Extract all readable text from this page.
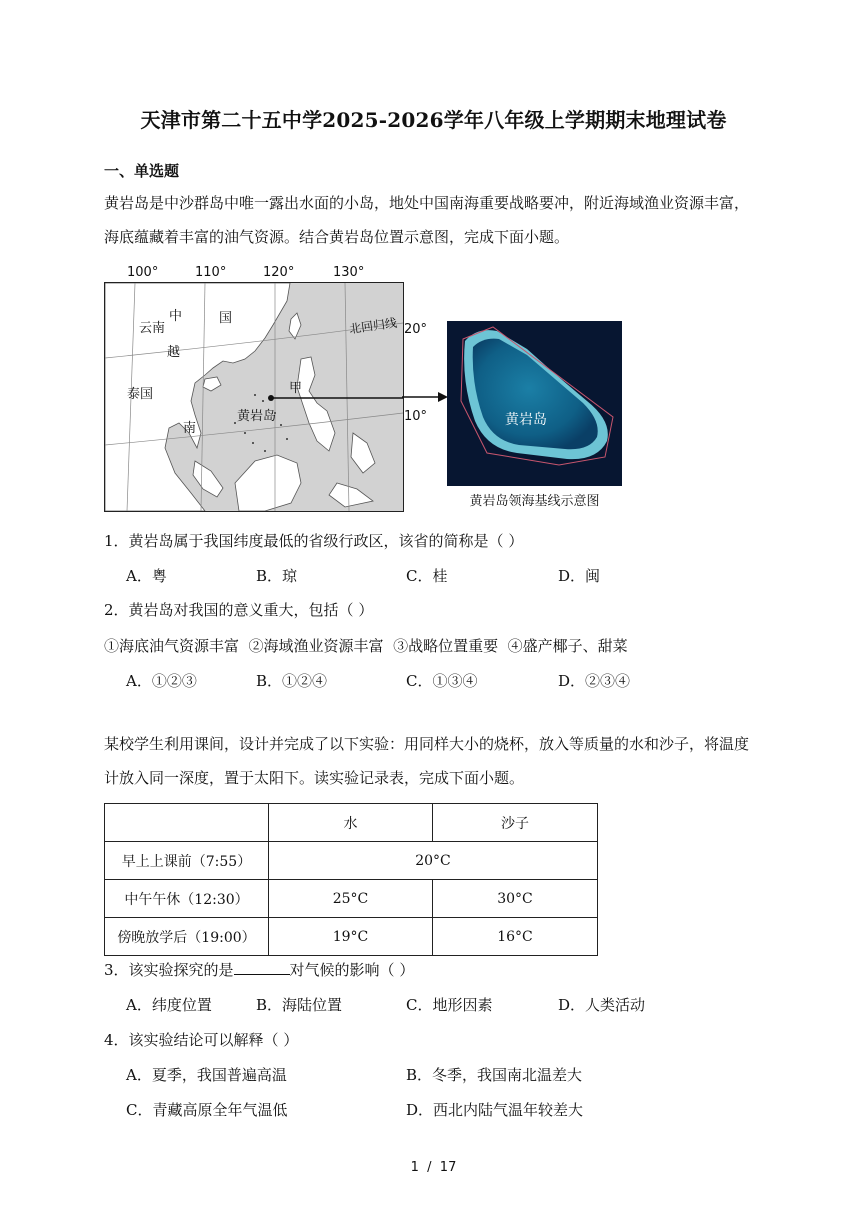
天津市第二十五中学2025-2026学年八年级上学期期末地理试卷
一、单选题
黄岩岛是中沙群岛中唯一露出水面的小岛，地处中国南海重要战略要冲，附近海域渔业资源丰富，
海底蕴藏着丰富的油气资源。结合黄岩岛位置示意图，完成下面小题。
100°	110°	120°	130°
20°
10°
云南
中	国
越
泰国
南
甲
黄岩岛
北回归线
黄岩岛
黄岩岛领海基线示意图
1．黄岩岛属于我国纬度最低的省级行政区，该省的简称是（ ）
A．粤	B．琼	C．桂	D．闽
2．黄岩岛对我国的意义重大，包括（ ）
①海底油气资源丰富  ②海域渔业资源丰富  ③战略位置重要  ④盛产椰子、甜菜
A．①②③	B．①②④	C．①③④	D．②③④
某校学生利用课间，设计并完成了以下实验：用同样大小的烧杯，放入等质量的水和沙子，将温度
计放入同一深度，置于太阳下。读实验记录表，完成下面小题。
	水	沙子
早上上课前（7:55）	20°C	
中午午休（12:30）	25°C	30°C
傍晚放学后（19:00）	19°C	16°C
3．该实验探究的是	对气候的影响（ ）
A．纬度位置	B．海陆位置	C．地形因素	D．人类活动
4．该实验结论可以解释（ ）
A．夏季，我国普遍高温	B．冬季，我国南北温差大
C．青藏高原全年气温低	D．西北内陆气温年较差大
1  /  17
